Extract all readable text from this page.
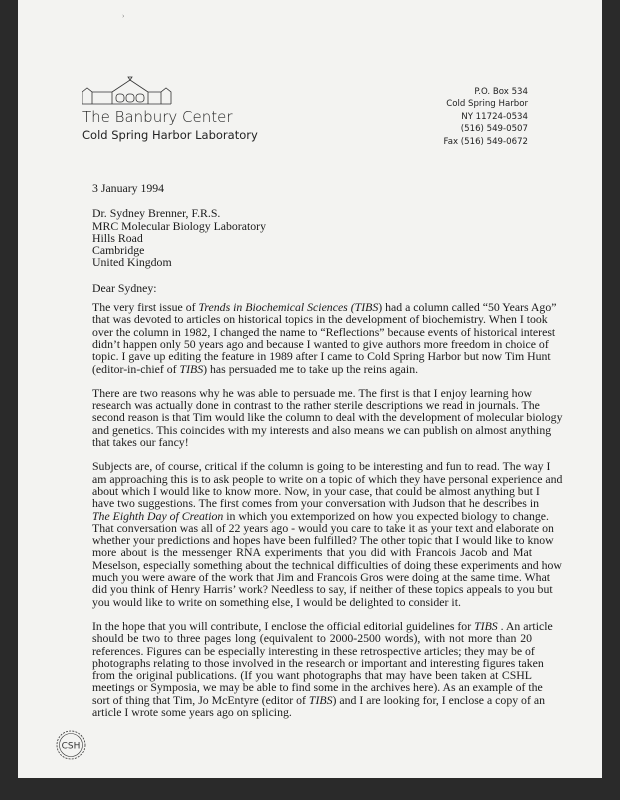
›
The Banbury Center
Cold Spring Harbor Laboratory
P.O. Box 534
Cold Spring Harbor
NY 11724-0534
(516) 549-0507
Fax (516) 549-0672
3 January 1994
Dr. Sydney Brenner, F.R.S.
MRC Molecular Biology Laboratory
Hills Road
Cambridge
United Kingdom
Dear Sydney:
The very first issue of Trends in Biochemical Sciences (TIBS) had a column called “50 Years Ago”
that was devoted to articles on historical topics in the development of biochemistry. When I took
over the column in 1982, I changed the name to “Reflections” because events of historical interest
didn’t happen only 50 years ago and because I wanted to give authors more freedom in choice of
topic. I gave up editing the feature in 1989 after I came to Cold Spring Harbor but now Tim Hunt
(editor-in-chief of TIBS) has persuaded me to take up the reins again.
There are two reasons why he was able to persuade me. The first is that I enjoy learning how
research was actually done in contrast to the rather sterile descriptions we read in journals. The
second reason is that Tim would like the column to deal with the development of molecular biology
and genetics. This coincides with my interests and also means we can publish on almost anything
that takes our fancy!
Subjects are, of course, critical if the column is going to be interesting and fun to read. The way I
am approaching this is to ask people to write on a topic of which they have personal experience and
about which I would like to know more. Now, in your case, that could be almost anything but I
have two suggestions. The first comes from your conversation with Judson that he describes in
The Eighth Day of Creation in which you extemporized on how you expected biology to change.
That conversation was all of 22 years ago - would you care to take it as your text and elaborate on
whether your predictions and hopes have been fulfilled? The other topic that I would like to know
more about is the messenger RNA experiments that you did with Francois Jacob and Mat
Meselson, especially something about the technical difficulties of doing these experiments and how
much you were aware of the work that Jim and Francois Gros were doing at the same time. What
did you think of Henry Harris’ work? Needless to say, if neither of these topics appeals to you but
you would like to write on something else, I would be delighted to consider it.
In the hope that you will contribute, I enclose the official editorial guidelines for TIBS . An article
should be two to three pages long (equivalent to 2000-2500 words), with not more than 20
references. Figures can be especially interesting in these retrospective articles; they may be of
photographs relating to those involved in the research or important and interesting figures taken
from the original publications. (If you want photographs that may have been taken at CSHL
meetings or Symposia, we may be able to find some in the archives here). As an example of the
sort of thing that Tim, Jo McEntyre (editor of TIBS) and I are looking for, I enclose a copy of an
article I wrote some years ago on splicing.
CSH
